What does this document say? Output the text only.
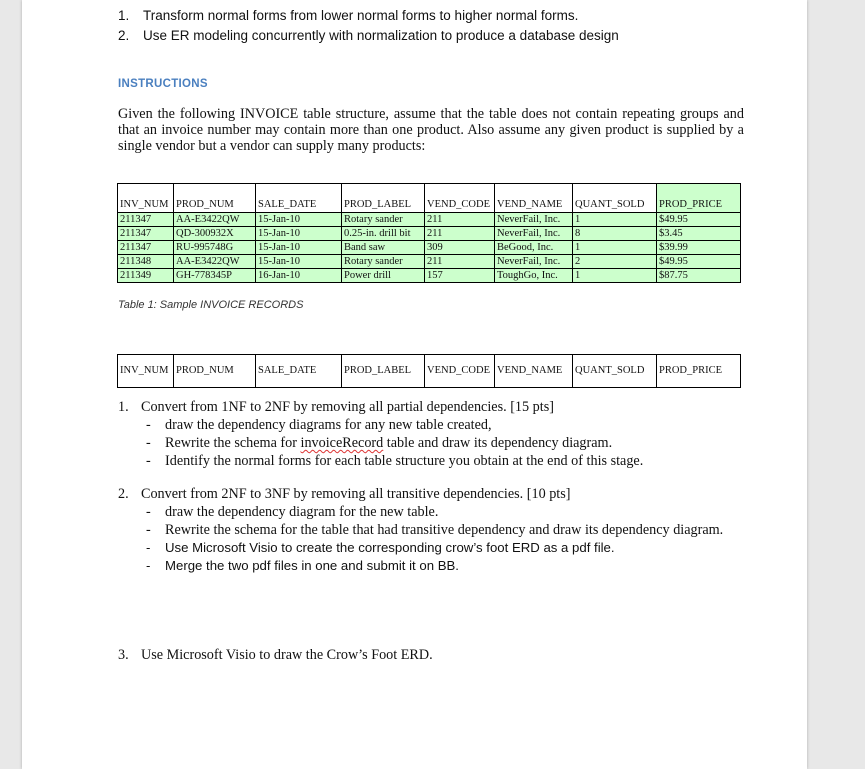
1. Transform normal forms from lower normal forms to higher normal forms.
2. Use ER modeling concurrently with normalization to produce a database design
INSTRUCTIONS
Given the following INVOICE table structure, assume that the table does not contain repeating groups and that an invoice number may contain more than one product. Also assume any given product is supplied by a single vendor but a vendor can supply many products:
INV_NUM	PROD_NUM	SALE_DATE	PROD_LABEL	VEND_CODE	VEND_NAME	QUANT_SOLD	PROD_PRICE
211347	AA-E3422QW	15-Jan-10	Rotary sander	211	NeverFail, Inc.	1	$49.95
211347	QD-300932X	15-Jan-10	0.25-in. drill bit	211	NeverFail, Inc.	8	$3.45
211347	RU-995748G	15-Jan-10	Band saw	309	BeGood, Inc.	1	$39.99
211348	AA-E3422QW	15-Jan-10	Rotary sander	211	NeverFail, Inc.	2	$49.95
211349	GH-778345P	16-Jan-10	Power drill	157	ToughGo, Inc.	1	$87.75
Table 1: Sample INVOICE RECORDS
INV_NUM	PROD_NUM	SALE_DATE	PROD_LABEL	VEND_CODE	VEND_NAME	QUANT_SOLD	PROD_PRICE
1. Convert from 1NF to 2NF by removing all partial dependencies. [15 pts]
- draw the dependency diagrams for any new table created,
- Rewrite the schema for invoiceRecord table and draw its dependency diagram.
- Identify the normal forms for each table structure you obtain at the end of this stage.
2. Convert from 2NF to 3NF by removing all transitive dependencies. [10 pts]
- draw the dependency diagram for the new table.
- Rewrite the schema for the table that had transitive dependency and draw its dependency diagram.
- Use Microsoft Visio to create the corresponding crow’s foot ERD as a pdf file.
- Merge the two pdf files in one and submit it on BB.
3. Use Microsoft Visio to draw the Crow’s Foot ERD.
